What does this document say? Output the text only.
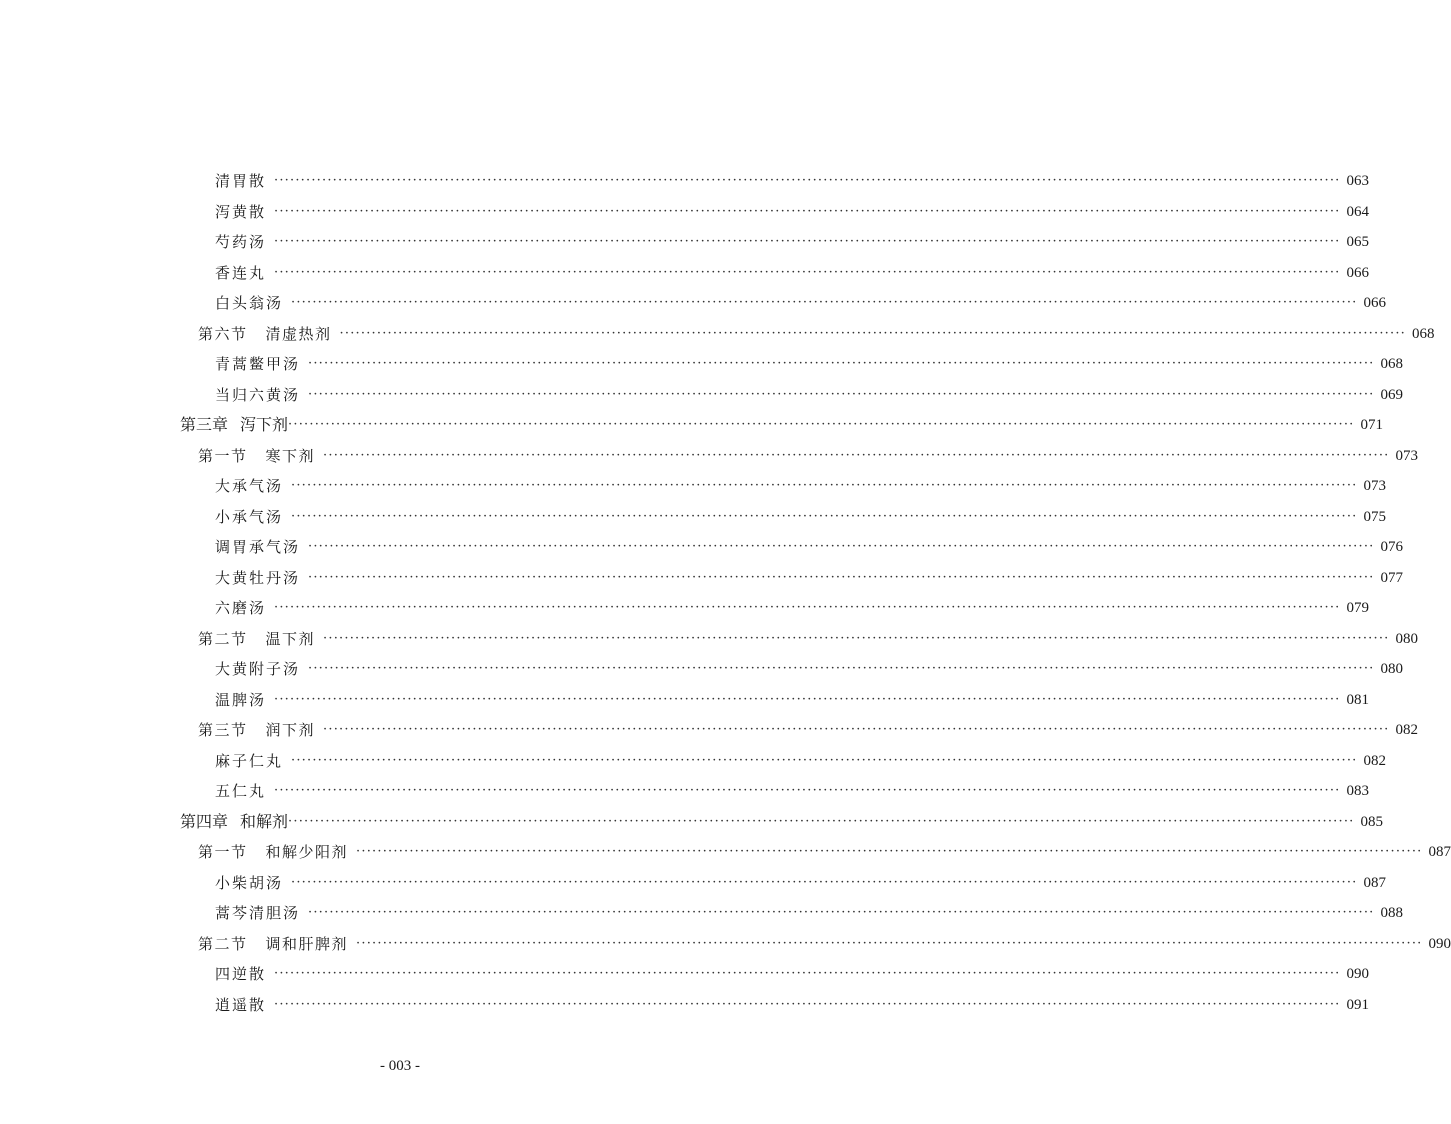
清胃散 ········································································································································································································ 063
泻黄散 ········································································································································································································ 064
芍药汤 ········································································································································································································ 065
香连丸 ········································································································································································································ 066
白头翁汤 ········································································································································································································ 066
第六节 清虚热剂 ········································································································································································································ 068
青蒿鳖甲汤 ········································································································································································································ 068
当归六黄汤 ········································································································································································································ 069
第三章 泻下剂 ········································································································································································································ 071
第一节 寒下剂 ········································································································································································································ 073
大承气汤 ········································································································································································································ 073
小承气汤 ········································································································································································································ 075
调胃承气汤 ········································································································································································································ 076
大黄牡丹汤 ········································································································································································································ 077
六磨汤 ········································································································································································································ 079
第二节 温下剂 ········································································································································································································ 080
大黄附子汤 ········································································································································································································ 080
温脾汤 ········································································································································································································ 081
第三节 润下剂 ········································································································································································································ 082
麻子仁丸 ········································································································································································································ 082
五仁丸 ········································································································································································································ 083
第四章 和解剂 ········································································································································································································ 085
第一节 和解少阳剂 ········································································································································································································ 087
小柴胡汤 ········································································································································································································ 087
蒿芩清胆汤 ········································································································································································································ 088
第二节 调和肝脾剂 ········································································································································································································ 090
四逆散 ········································································································································································································ 090
逍遥散 ········································································································································································································ 091
- 003 -
